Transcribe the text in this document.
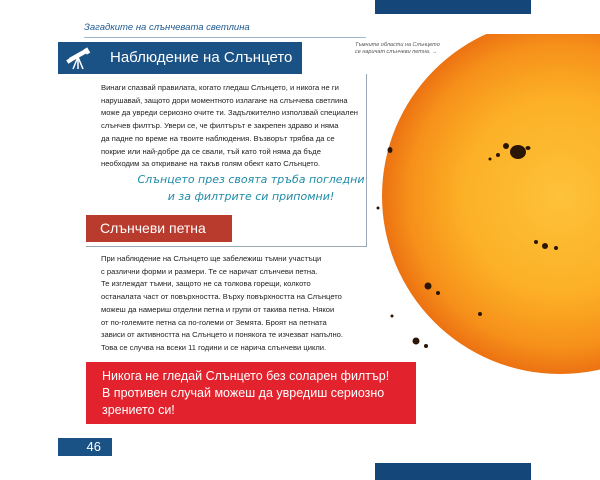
Загадките на слънчевата светлина
Наблюдение на Слънцето
Винаги спазвай правилата, когато гледаш Слънцето, и никога не ги
нарушавай, защото дори моментното излагане на слънчева светлина
може да увреди сериозно очите ти. Задължително използвай специален
слънчев филтър. Увери се, че филтърът е закрепен здраво и няма
да падне по време на твоите наблюдения. Възворът трябва да се
покрие или най-добре да се свали, тъй като той няма да бъде
необходим за откриване на такъв голям обект като Слънцето.
Слънцето през своята тръба погледни
и за филтрите си припомни!
Слънчеви петна
При наблюдение на Слънцето ще забележиш тъмни участъци
с различни форми и размери. Те се наричат слънчеви петна.
Те изглеждат тъмни, защото не са толкова горещи, колкото
останалата част от повърхността. Върху повърхността на Слънцето
можеш да намериш отделни петна и групи от такива петна. Някои
от по-големите петна са по-големи от Земята. Броят на петната
зависи от активността на Слънцето и понякога те изчезват напълно.
Това се случва на всеки 11 години и се нарича слънчеви цикли.
Тъмните области на Слънцето
се наричат слънчеви петна. →
Никога не гледай Слънцето без соларен филтър!
В противен случай можеш да увредиш сериозно
зрението си!
46
